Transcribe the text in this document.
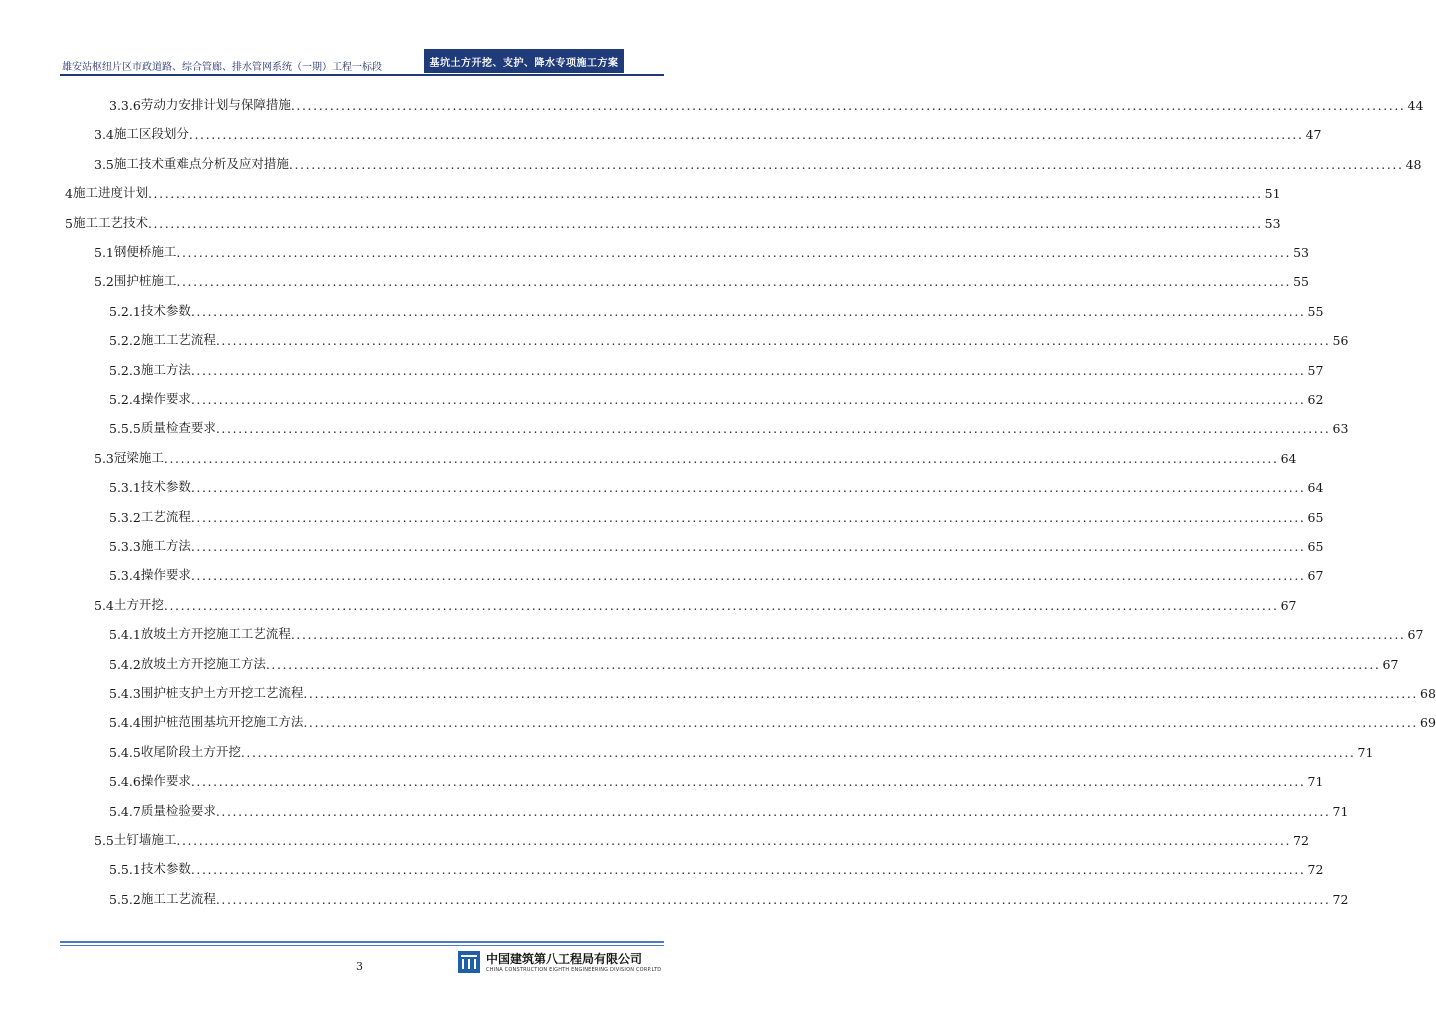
雄安站枢纽片区市政道路、综合管廊、排水管网系统（一期）工程一标段	基坑土方开挖、支护、降水专项施工方案
3.3.6 劳动力安排计划与保障措施 ........................................................................................................................................................................................................ 44
3.4 施工区段划分 ........................................................................................................................................................................................................ 47
3.5 施工技术重难点分析及应对措施 ........................................................................................................................................................................................................ 48
4 施工进度计划 ........................................................................................................................................................................................................ 51
5 施工工艺技术 ........................................................................................................................................................................................................ 53
5.1 钢便桥施工 ........................................................................................................................................................................................................ 53
5.2 围护桩施工 ........................................................................................................................................................................................................ 55
5.2.1 技术参数 ........................................................................................................................................................................................................ 55
5.2.2 施工工艺流程 ........................................................................................................................................................................................................ 56
5.2.3 施工方法 ........................................................................................................................................................................................................ 57
5.2.4 操作要求 ........................................................................................................................................................................................................ 62
5.5.5 质量检查要求 ........................................................................................................................................................................................................ 63
5.3 冠梁施工 ........................................................................................................................................................................................................ 64
5.3.1 技术参数 ........................................................................................................................................................................................................ 64
5.3.2 工艺流程 ........................................................................................................................................................................................................ 65
5.3.3 施工方法 ........................................................................................................................................................................................................ 65
5.3.4 操作要求 ........................................................................................................................................................................................................ 67
5.4 土方开挖 ........................................................................................................................................................................................................ 67
5.4.1 放坡土方开挖施工工艺流程 ........................................................................................................................................................................................................ 67
5.4.2 放坡土方开挖施工方法 ........................................................................................................................................................................................................ 67
5.4.3 围护桩支护土方开挖工艺流程 ........................................................................................................................................................................................................ 68
5.4.4 围护桩范围基坑开挖施工方法 ........................................................................................................................................................................................................ 69
5.4.5 收尾阶段土方开挖 ........................................................................................................................................................................................................ 71
5.4.6 操作要求 ........................................................................................................................................................................................................ 71
5.4.7 质量检验要求 ........................................................................................................................................................................................................ 71
5.5 土钉墙施工 ........................................................................................................................................................................................................ 72
5.5.1 技术参数 ........................................................................................................................................................................................................ 72
5.5.2 施工工艺流程 ........................................................................................................................................................................................................ 72
3
中国建筑第八工程局有限公司
CHINA CONSTRUCTION EIGHTH ENGINEERING DIVISION CORP.LTD
